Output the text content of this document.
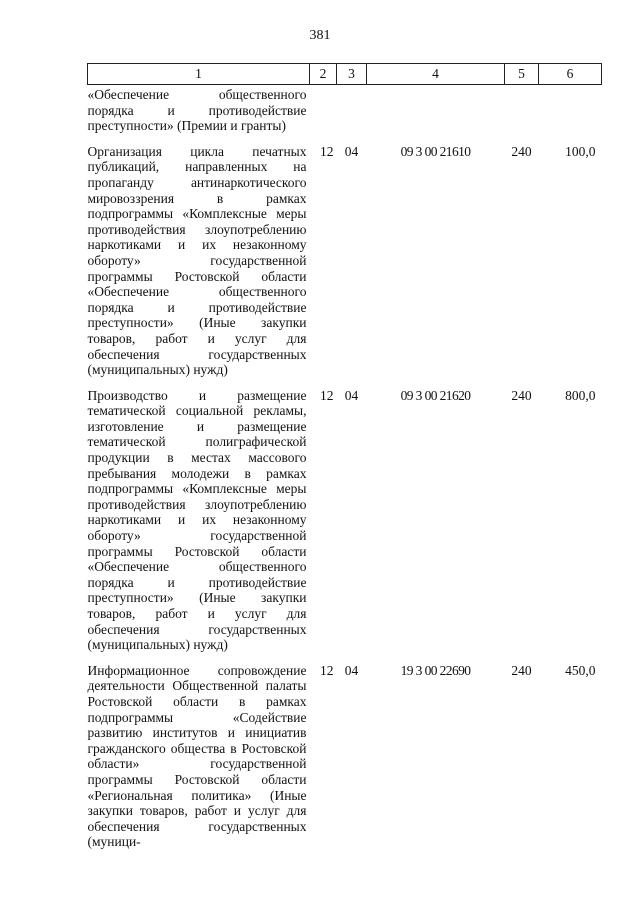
381
1	2	3	4	5	6
«Обеспечение общественного порядка и противодействие преступности» (Премии и гранты)					
Организация цикла печатных публикаций, направленных на пропаганду антинаркотического мировоззрения в рамках подпрограммы «Комплексные меры противодействия злоупотреблению наркотиками и их незаконному обороту» государственной программы Ростовской области «Обеспечение общественного порядка и противодействие преступности» (Иные закупки товаров, работ и услуг для обеспечения государственных (муниципальных) нужд)	12	04	09 3 00 21610	240	100,0
Производство и размещение тематической социальной рекламы, изготовление и размещение тематической полиграфической продукции в местах массового пребывания молодежи в рамках подпрограммы «Комплексные меры противодействия злоупотреблению наркотиками и их незаконному обороту» государственной программы Ростовской области «Обеспечение общественного порядка и противодействие преступности» (Иные закупки товаров, работ и услуг для обеспечения государственных (муниципальных) нужд)	12	04	09 3 00 21620	240	800,0
Информационное сопровождение деятельности Общественной палаты Ростовской области в рамках подпрограммы «Содействие развитию институтов и инициатив гражданского общества в Ростовской области» государственной программы Ростовской области «Региональная политика» (Иные закупки товаров, работ и услуг для обеспечения государственных (муници-	12	04	19 3 00 22690	240	450,0
